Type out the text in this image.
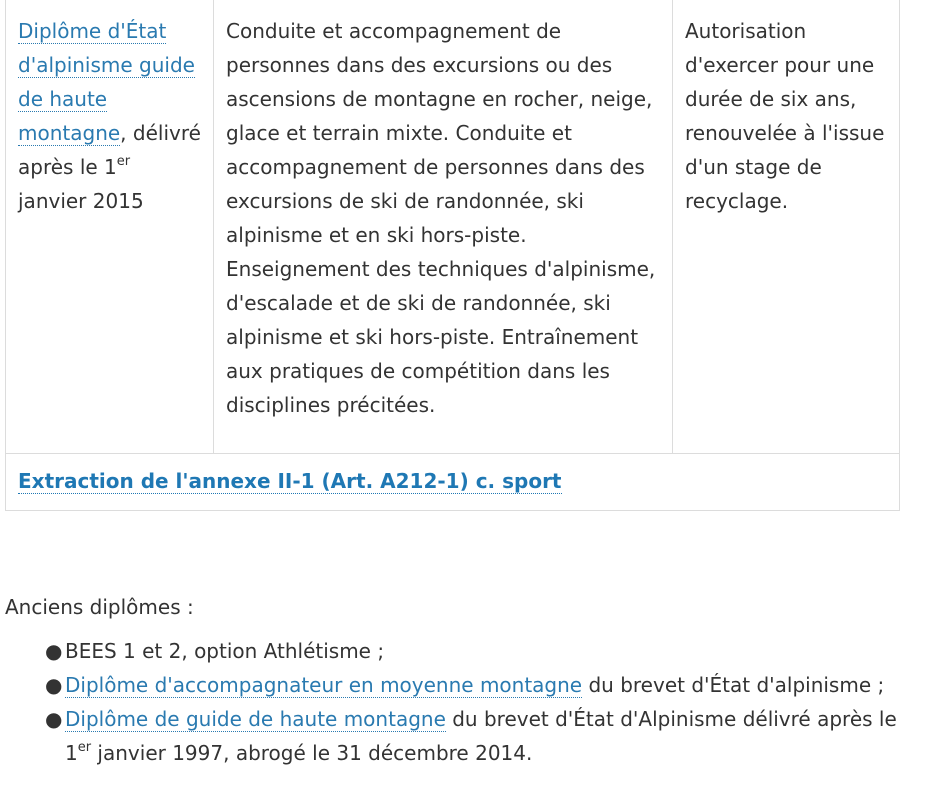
Diplôme d'État d'alpinisme guide de haute montagne, délivré après le 1er janvier 2015	Conduite et accompagnement de personnes dans des excursions ou des ascensions de montagne en rocher, neige, glace et terrain mixte. Conduite et accompagnement de personnes dans des excursions de ski de randonnée, ski alpinisme et en ski hors-piste. Enseignement des techniques d'alpinisme, d'escalade et de ski de randonnée, ski alpinisme et ski hors-piste. Entraînement aux pratiques de compétition dans les disciplines précitées.	Autorisation d'exercer pour une durée de six ans, renouvelée à l'issue d'un stage de recyclage.
Extraction de l'annexe II-1 (Art. A212-1) c. sport

Anciens diplômes :

● BEES 1 et 2, option Athlétisme ;
● Diplôme d'accompagnateur en moyenne montagne du brevet d'État d'alpinisme ;
● Diplôme de guide de haute montagne du brevet d'État d'Alpinisme délivré après le 1er janvier 1997, abrogé le 31 décembre 2014.
